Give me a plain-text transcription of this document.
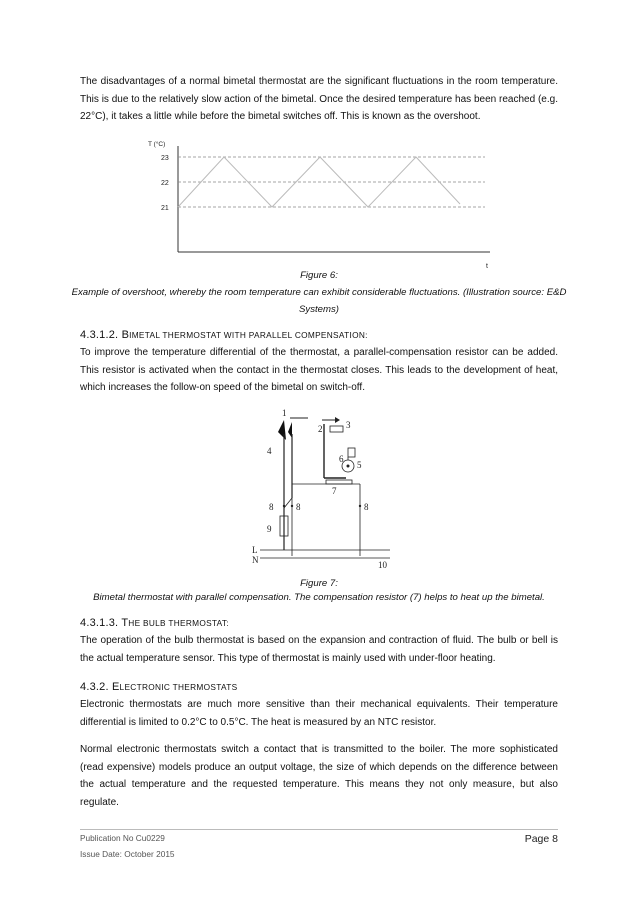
The disadvantages of a normal bimetal thermostat are the significant fluctuations in the room temperature. This is due to the relatively slow action of the bimetal. Once the desired temperature has been reached (e.g. 22°C), it takes a little while before the bimetal switches off. This is known as the overshoot.

T (°C)
t
23
22
21

Figure 6:

Example of overshoot, whereby the room temperature can exhibit considerable fluctuations. (Illustration source: E&D Systems)

4.3.1.2. BIMETAL THERMOSTAT WITH PARALLEL COMPENSATION:

To improve the temperature differential of the thermostat, a parallel-compensation resistor can be added. This resistor is activated when the contact in the thermostat closes. This leads to the development of heat, which increases the follow-on speed of the bimetal on switch-off.

1
2	3
4
5
6
7
8	8	8
9
10
L
N

Figure 7:

Bimetal thermostat with parallel compensation. The compensation resistor (7) helps to heat up the bimetal.

4.3.1.3. THE BULB THERMOSTAT:

The operation of the bulb thermostat is based on the expansion and contraction of fluid. The bulb or bell is the actual temperature sensor. This type of thermostat is mainly used with under-floor heating.

4.3.2. ELECTRONIC THERMOSTATS

Electronic thermostats are much more sensitive than their mechanical equivalents. Their temperature differential is limited to 0.2°C to 0.5°C. The heat is measured by an NTC resistor.

Normal electronic thermostats switch a contact that is transmitted to the boiler. The more sophisticated (read expensive) models produce an output voltage, the size of which depends on the difference between the actual temperature and the requested temperature. This means they not only measure, but also regulate.

Publication No Cu0229
Issue Date: October 2015
Page 8
